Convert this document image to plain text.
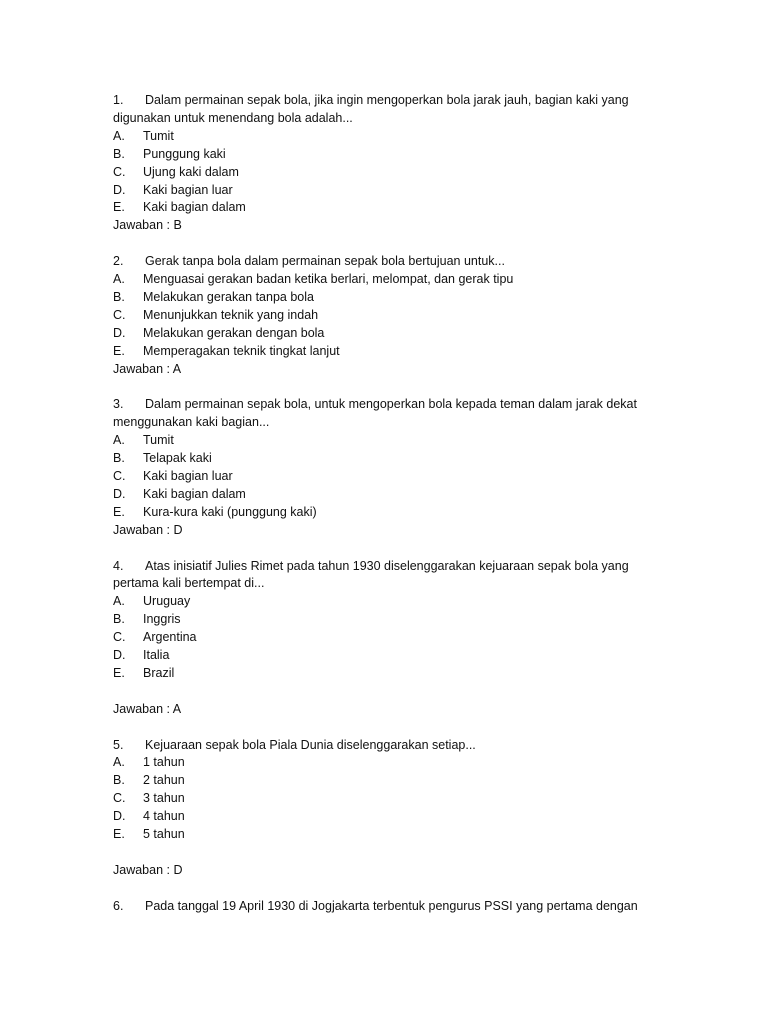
1. Dalam permainan sepak bola, jika ingin mengoperkan bola jarak jauh, bagian kaki yang
digunakan untuk menendang bola adalah...
A. Tumit
B. Punggung kaki
C. Ujung kaki dalam
D. Kaki bagian luar
E. Kaki bagian dalam
Jawaban : B
2. Gerak tanpa bola dalam permainan sepak bola bertujuan untuk...
A. Menguasai gerakan badan ketika berlari, melompat, dan gerak tipu
B. Melakukan gerakan tanpa bola
C. Menunjukkan teknik yang indah
D. Melakukan gerakan dengan bola
E. Memperagakan teknik tingkat lanjut
Jawaban : A
3. Dalam permainan sepak bola, untuk mengoperkan bola kepada teman dalam jarak dekat
menggunakan kaki bagian...
A. Tumit
B. Telapak kaki
C. Kaki bagian luar
D. Kaki bagian dalam
E. Kura-kura kaki (punggung kaki)
Jawaban : D
4. Atas inisiatif Julies Rimet pada tahun 1930 diselenggarakan kejuaraan sepak bola yang
pertama kali bertempat di...
A. Uruguay
B. Inggris
C. Argentina
D. Italia
E. Brazil
Jawaban : A
5. Kejuaraan sepak bola Piala Dunia diselenggarakan setiap...
A. 1 tahun
B. 2 tahun
C. 3 tahun
D. 4 tahun
E. 5 tahun
Jawaban : D
6. Pada tanggal 19 April 1930 di Jogjakarta terbentuk pengurus PSSI yang pertama dengan
